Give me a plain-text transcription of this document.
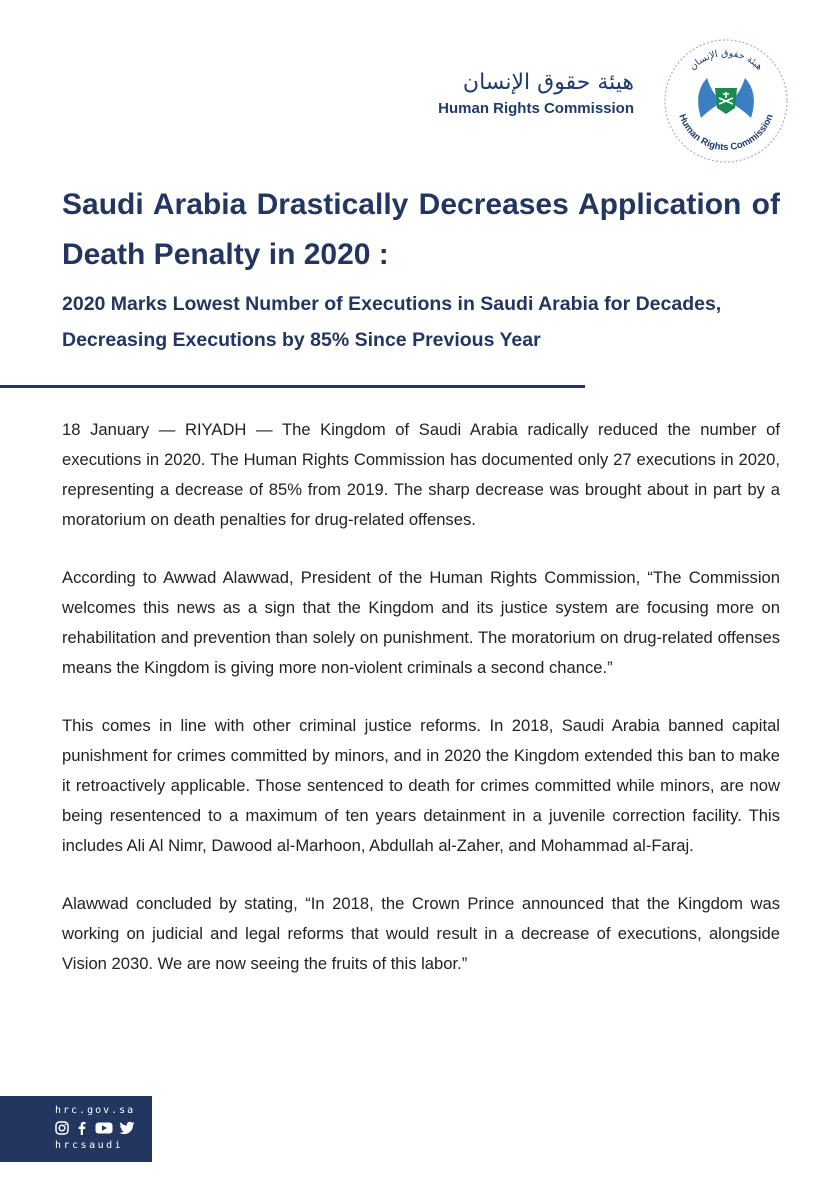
هيئة حقوق الإنسان
Human Rights Commission
هيئة حقوق الإنسان
Human Rights Commission
Saudi Arabia Drastically Decreases Application of Death Penalty in 2020 :
2020 Marks Lowest Number of Executions in Saudi Arabia for Decades, Decreasing Executions by 85% Since Previous Year

18 January — RIYADH — The Kingdom of Saudi Arabia radically reduced the number of executions in 2020. The Human Rights Commission has documented only 27 executions in 2020, representing a decrease of 85% from 2019. The sharp decrease was brought about in part by a moratorium on death penalties for drug-related offenses.

According to Awwad Alawwad, President of the Human Rights Commission, “The Commission welcomes this news as a sign that the Kingdom and its justice system are focusing more on rehabilitation and prevention than solely on punishment. The moratorium on drug-related offenses means the Kingdom is giving more non-violent criminals a second chance.”

This comes in line with other criminal justice reforms. In 2018, Saudi Arabia banned capital punishment for crimes committed by minors, and in 2020 the Kingdom extended this ban to make it retroactively applicable. Those sentenced to death for crimes committed while minors, are now being resentenced to a maximum of ten years detainment in a juvenile correction facility. This includes Ali Al Nimr, Dawood al-Marhoon, Abdullah al-Zaher, and Mohammad al-Faraj.

Alawwad concluded by stating, “In 2018, the Crown Prince announced that the Kingdom was working on judicial and legal reforms that would result in a decrease of executions, alongside Vision 2030. We are now seeing the fruits of this labor.”

hrc.gov.sa
hrcsaudi
